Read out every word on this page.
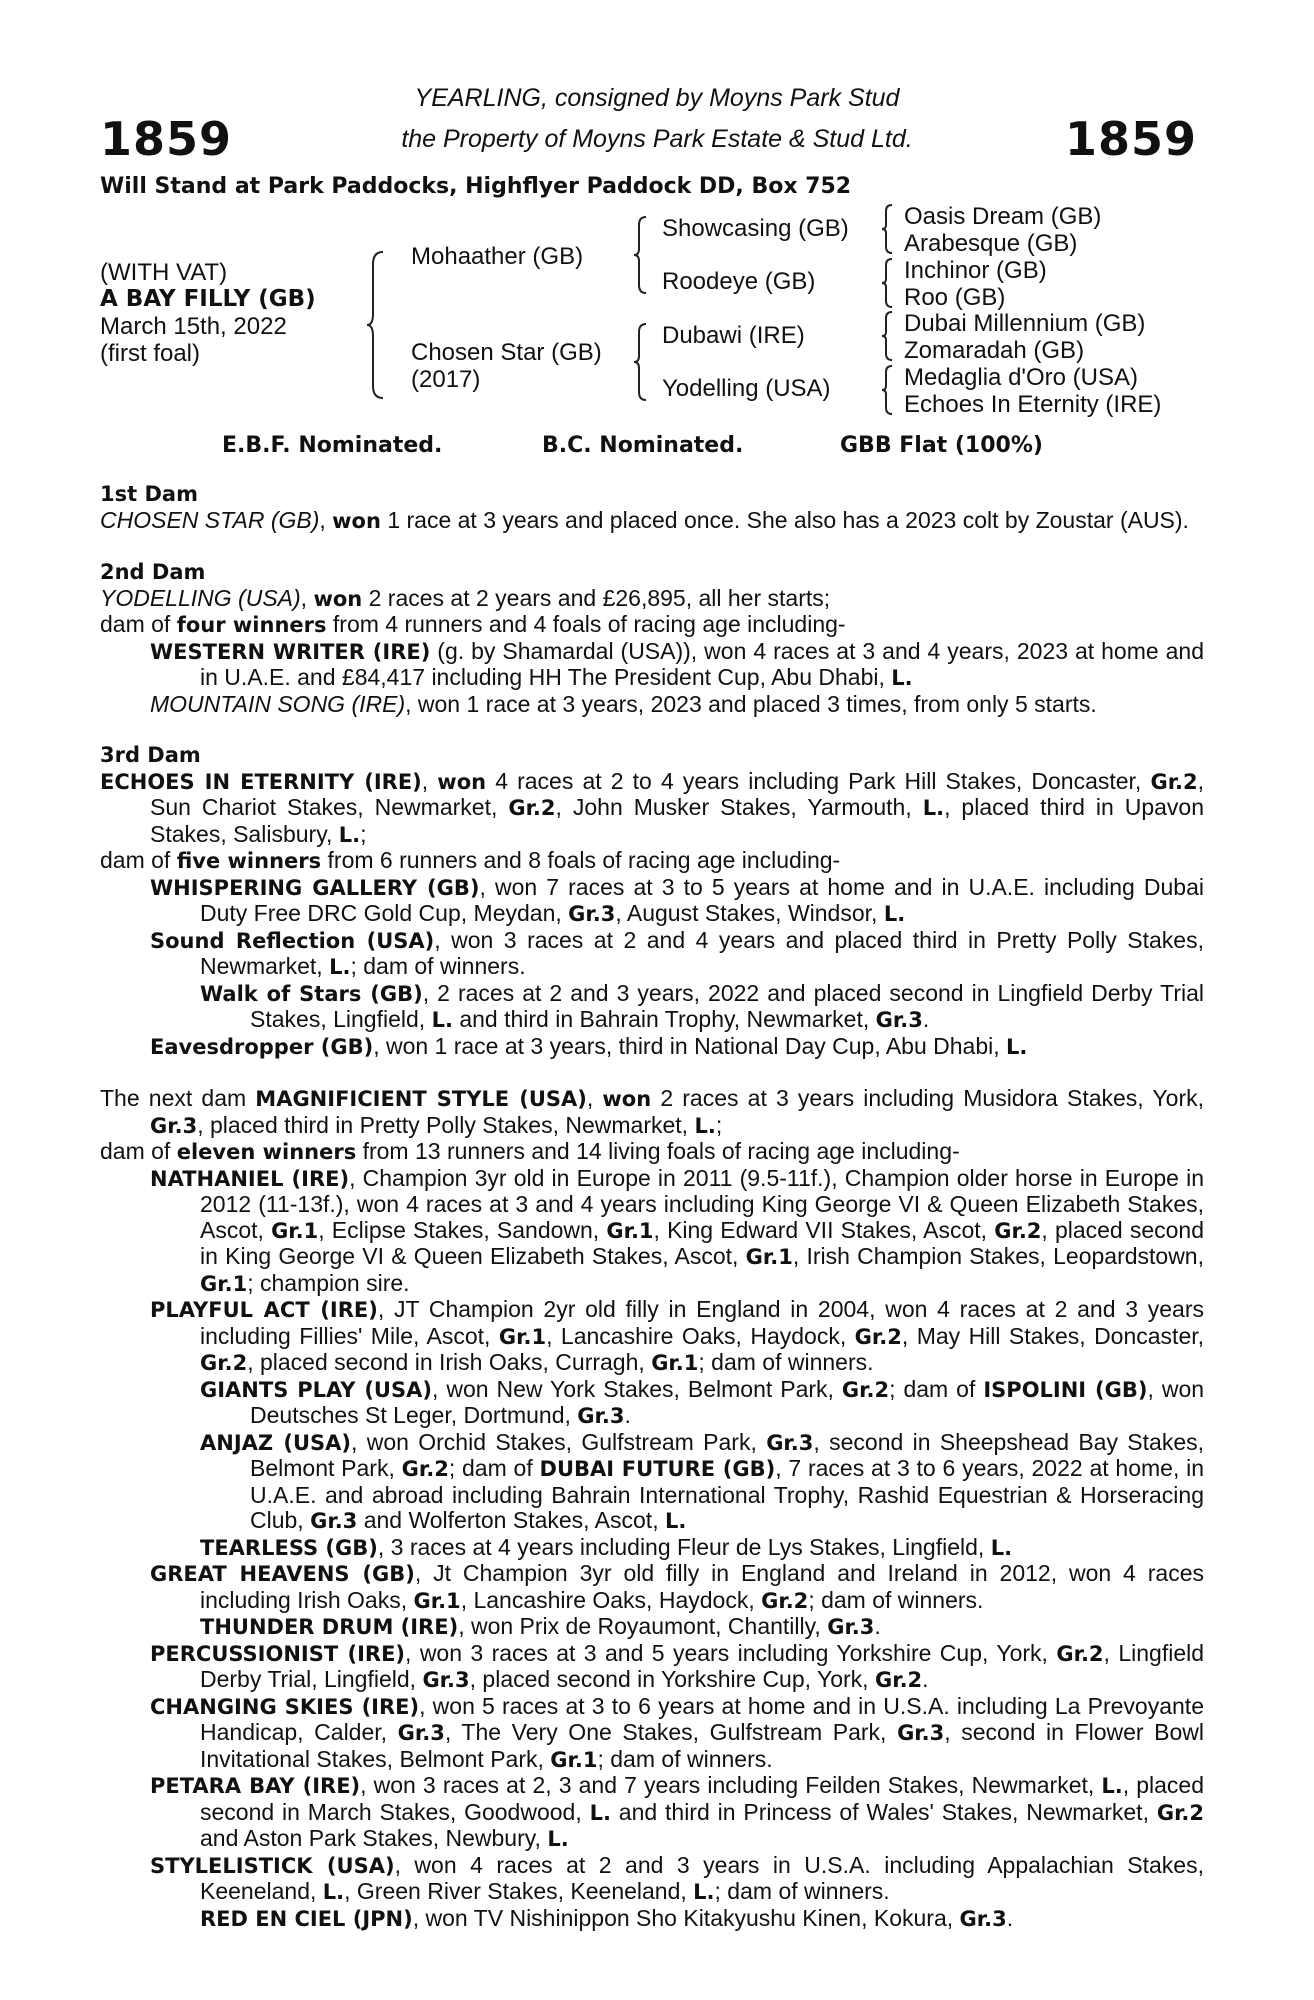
1859	1859
YEARLING, consigned by Moyns Park Stud
the Property of Moyns Park Estate & Stud Ltd.
Will Stand at Park Paddocks, Highflyer Paddock DD, Box 752
(WITH VAT)
A BAY FILLY (GB)
March 15th, 2022
(first foal)
Mohaather (GB)
Chosen Star (GB)
(2017)
Showcasing (GB)
Roodeye (GB)
Dubawi (IRE)
Yodelling (USA)
Oasis Dream (GB)
Arabesque (GB)
Inchinor (GB)
Roo (GB)
Dubai Millennium (GB)
Zomaradah (GB)
Medaglia d'Oro (USA)
Echoes In Eternity (IRE)
E.B.F. Nominated.	B.C. Nominated.	GBB Flat (100%)
1st Dam
CHOSEN STAR (GB), won 1 race at 3 years and placed once. She also has a 2023 colt by Zoustar (AUS).
2nd Dam
YODELLING (USA), won 2 races at 2 years and £26,895, all her starts;
dam of four winners from 4 runners and 4 foals of racing age including-
WESTERN WRITER (IRE) (g. by Shamardal (USA)), won 4 races at 3 and 4 years, 2023 at home and in U.A.E. and £84,417 including HH The President Cup, Abu Dhabi, L.
MOUNTAIN SONG (IRE), won 1 race at 3 years, 2023 and placed 3 times, from only 5 starts.
3rd Dam
ECHOES IN ETERNITY (IRE), won 4 races at 2 to 4 years including Park Hill Stakes, Doncaster, Gr.2, Sun Chariot Stakes, Newmarket, Gr.2, John Musker Stakes, Yarmouth, L., placed third in Upavon Stakes, Salisbury, L.;
dam of five winners from 6 runners and 8 foals of racing age including-
WHISPERING GALLERY (GB), won 7 races at 3 to 5 years at home and in U.A.E. including Dubai Duty Free DRC Gold Cup, Meydan, Gr.3, August Stakes, Windsor, L.
Sound Reflection (USA), won 3 races at 2 and 4 years and placed third in Pretty Polly Stakes, Newmarket, L.; dam of winners.
Walk of Stars (GB), 2 races at 2 and 3 years, 2022 and placed second in Lingfield Derby Trial Stakes, Lingfield, L. and third in Bahrain Trophy, Newmarket, Gr.3.
Eavesdropper (GB), won 1 race at 3 years, third in National Day Cup, Abu Dhabi, L.
The next dam MAGNIFICIENT STYLE (USA), won 2 races at 3 years including Musidora Stakes, York, Gr.3, placed third in Pretty Polly Stakes, Newmarket, L.;
dam of eleven winners from 13 runners and 14 living foals of racing age including-
NATHANIEL (IRE), Champion 3yr old in Europe in 2011 (9.5-11f.), Champion older horse in Europe in 2012 (11-13f.), won 4 races at 3 and 4 years including King George VI & Queen Elizabeth Stakes, Ascot, Gr.1, Eclipse Stakes, Sandown, Gr.1, King Edward VII Stakes, Ascot, Gr.2, placed second in King George VI & Queen Elizabeth Stakes, Ascot, Gr.1, Irish Champion Stakes, Leopardstown, Gr.1; champion sire.
PLAYFUL ACT (IRE), JT Champion 2yr old filly in England in 2004, won 4 races at 2 and 3 years including Fillies' Mile, Ascot, Gr.1, Lancashire Oaks, Haydock, Gr.2, May Hill Stakes, Doncaster, Gr.2, placed second in Irish Oaks, Curragh, Gr.1; dam of winners.
GIANTS PLAY (USA), won New York Stakes, Belmont Park, Gr.2; dam of ISPOLINI (GB), won Deutsches St Leger, Dortmund, Gr.3.
ANJAZ (USA), won Orchid Stakes, Gulfstream Park, Gr.3, second in Sheepshead Bay Stakes, Belmont Park, Gr.2; dam of DUBAI FUTURE (GB), 7 races at 3 to 6 years, 2022 at home, in U.A.E. and abroad including Bahrain International Trophy, Rashid Equestrian & Horseracing Club, Gr.3 and Wolferton Stakes, Ascot, L.
TEARLESS (GB), 3 races at 4 years including Fleur de Lys Stakes, Lingfield, L.
GREAT HEAVENS (GB), Jt Champion 3yr old filly in England and Ireland in 2012, won 4 races including Irish Oaks, Gr.1, Lancashire Oaks, Haydock, Gr.2; dam of winners.
THUNDER DRUM (IRE), won Prix de Royaumont, Chantilly, Gr.3.
PERCUSSIONIST (IRE), won 3 races at 3 and 5 years including Yorkshire Cup, York, Gr.2, Lingfield Derby Trial, Lingfield, Gr.3, placed second in Yorkshire Cup, York, Gr.2.
CHANGING SKIES (IRE), won 5 races at 3 to 6 years at home and in U.S.A. including La Prevoyante Handicap, Calder, Gr.3, The Very One Stakes, Gulfstream Park, Gr.3, second in Flower Bowl Invitational Stakes, Belmont Park, Gr.1; dam of winners.
PETARA BAY (IRE), won 3 races at 2, 3 and 7 years including Feilden Stakes, Newmarket, L., placed second in March Stakes, Goodwood, L. and third in Princess of Wales' Stakes, Newmarket, Gr.2 and Aston Park Stakes, Newbury, L.
STYLELISTICK (USA), won 4 races at 2 and 3 years in U.S.A. including Appalachian Stakes, Keeneland, L., Green River Stakes, Keeneland, L.; dam of winners.
RED EN CIEL (JPN), won TV Nishinippon Sho Kitakyushu Kinen, Kokura, Gr.3.
